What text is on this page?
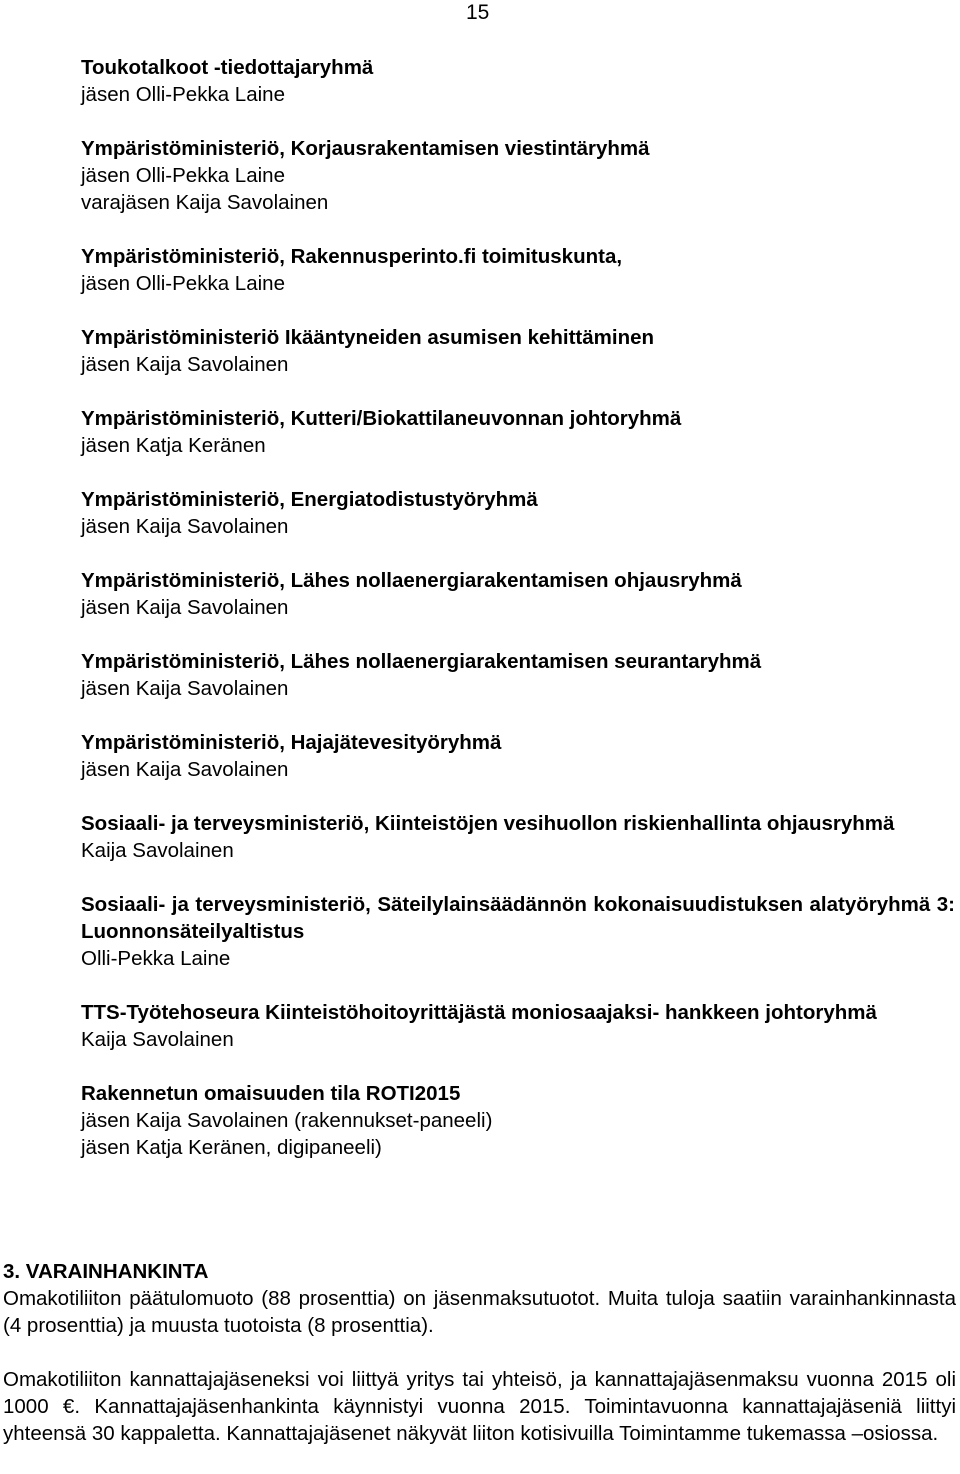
15
Toukotalkoot -tiedottajaryhmä
jäsen Olli-Pekka Laine
Ympäristöministeriö, Korjausrakentamisen viestintäryhmä
jäsen Olli-Pekka Laine
varajäsen Kaija Savolainen
Ympäristöministeriö, Rakennusperinto.fi toimituskunta,
jäsen Olli-Pekka Laine
Ympäristöministeriö Ikääntyneiden asumisen kehittäminen
jäsen Kaija Savolainen
Ympäristöministeriö, Kutteri/Biokattilaneuvonnan johtoryhmä
jäsen Katja Keränen
Ympäristöministeriö, Energiatodistustyöryhmä
jäsen Kaija Savolainen
Ympäristöministeriö, Lähes nollaenergiarakentamisen ohjausryhmä
jäsen Kaija Savolainen
Ympäristöministeriö, Lähes nollaenergiarakentamisen seurantaryhmä
jäsen Kaija Savolainen
Ympäristöministeriö, Hajajätevesityöryhmä
jäsen Kaija Savolainen
Sosiaali- ja terveysministeriö, Kiinteistöjen vesihuollon riskienhallinta ohjausryhmä
Kaija Savolainen
Sosiaali- ja terveysministeriö, Säteilylainsäädännön kokonaisuudistuksen alatyöryhmä 3: Luonnonsäteilyaltistus
Olli-Pekka Laine
TTS-Työtehoseura Kiinteistöhoitoyrittäjästä moniosaajaksi- hankkeen johtoryhmä
Kaija Savolainen
Rakennetun omaisuuden tila ROTI2015
jäsen Kaija Savolainen (rakennukset-paneeli)
jäsen Katja Keränen, digipaneeli)
3. VARAINHANKINTA

Omakotiliiton päätulomuoto (88 prosenttia) on jäsenmaksutuotot. Muita tuloja saatiin varainhankinnasta (4 prosenttia) ja muusta tuotoista (8 prosenttia).

Omakotiliiton kannattajajäseneksi voi liittyä yritys tai yhteisö, ja kannattajajäsenmaksu vuonna 2015 oli 1000 €. Kannattajajäsenhankinta käynnistyi vuonna 2015. Toimintavuonna kannattajajäseniä liittyi yhteensä 30 kappaletta. Kannattajajäsenet näkyvät liiton kotisivuilla Toimintamme tukemassa –osiossa.
